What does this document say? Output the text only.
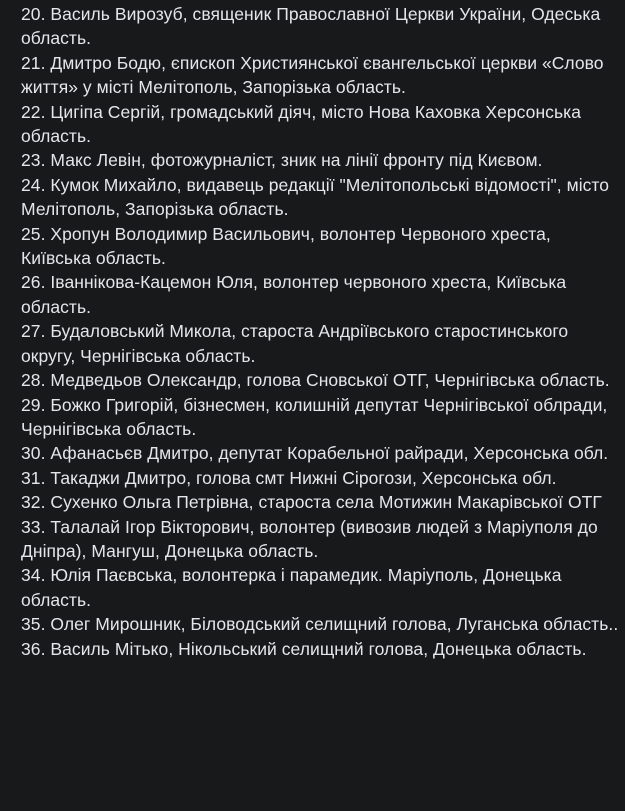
20. Василь Вирозуб, священик Православної Церкви України, Одеська область.

21. Дмитро Бодю, єпископ Християнської євангельської церкви «Слово життя» у місті Мелітополь, Запорізька область.

22. Цигіпа Сергій, громадський діяч, місто Нова Каховка Херсонська область.

23. Макс Левін, фотожурналіст, зник на лінії фронту під Києвом.

24. Кумок Михайло, видавець редакції "Мелітопольські відомості", місто Мелітополь, Запорізька область.

25. Хропун Володимир Васильович, волонтер Червоного хреста, Київська область.

26. Іваннікова-Кацемон Юля, волонтер червоного хреста, Київська область.

27. Будаловський Микола, староста Андріївського старостинського округу, Чернігівська область.

28. Медведьов Олександр, голова Сновської ОТГ, Чернігівська область.

29. Божко Григорій, бізнесмен, колишній депутат Чернігівської облради, Чернігівська область.

30. Афанасьєв Дмитро, депутат Корабельної райради, Херсонська обл.

31. Такаджи Дмитро, голова смт Нижні Сірогози, Херсонська обл.

32. Сухенко Ольга Петрівна, староста села Мотижин Макарівської ОТГ

33. Талалай Ігор Вікторович, волонтер (вивозив людей з Маріуполя до Дніпра), Мангуш, Донецька область.

34. Юлія Паєвська, волонтерка і парамедик. Маріуполь, Донецька область.

35. Олег Мирошник, Біловодський селищний голова, Луганська область..

36. Василь Мітько, Нікольський селищний голова, Донецька область.
